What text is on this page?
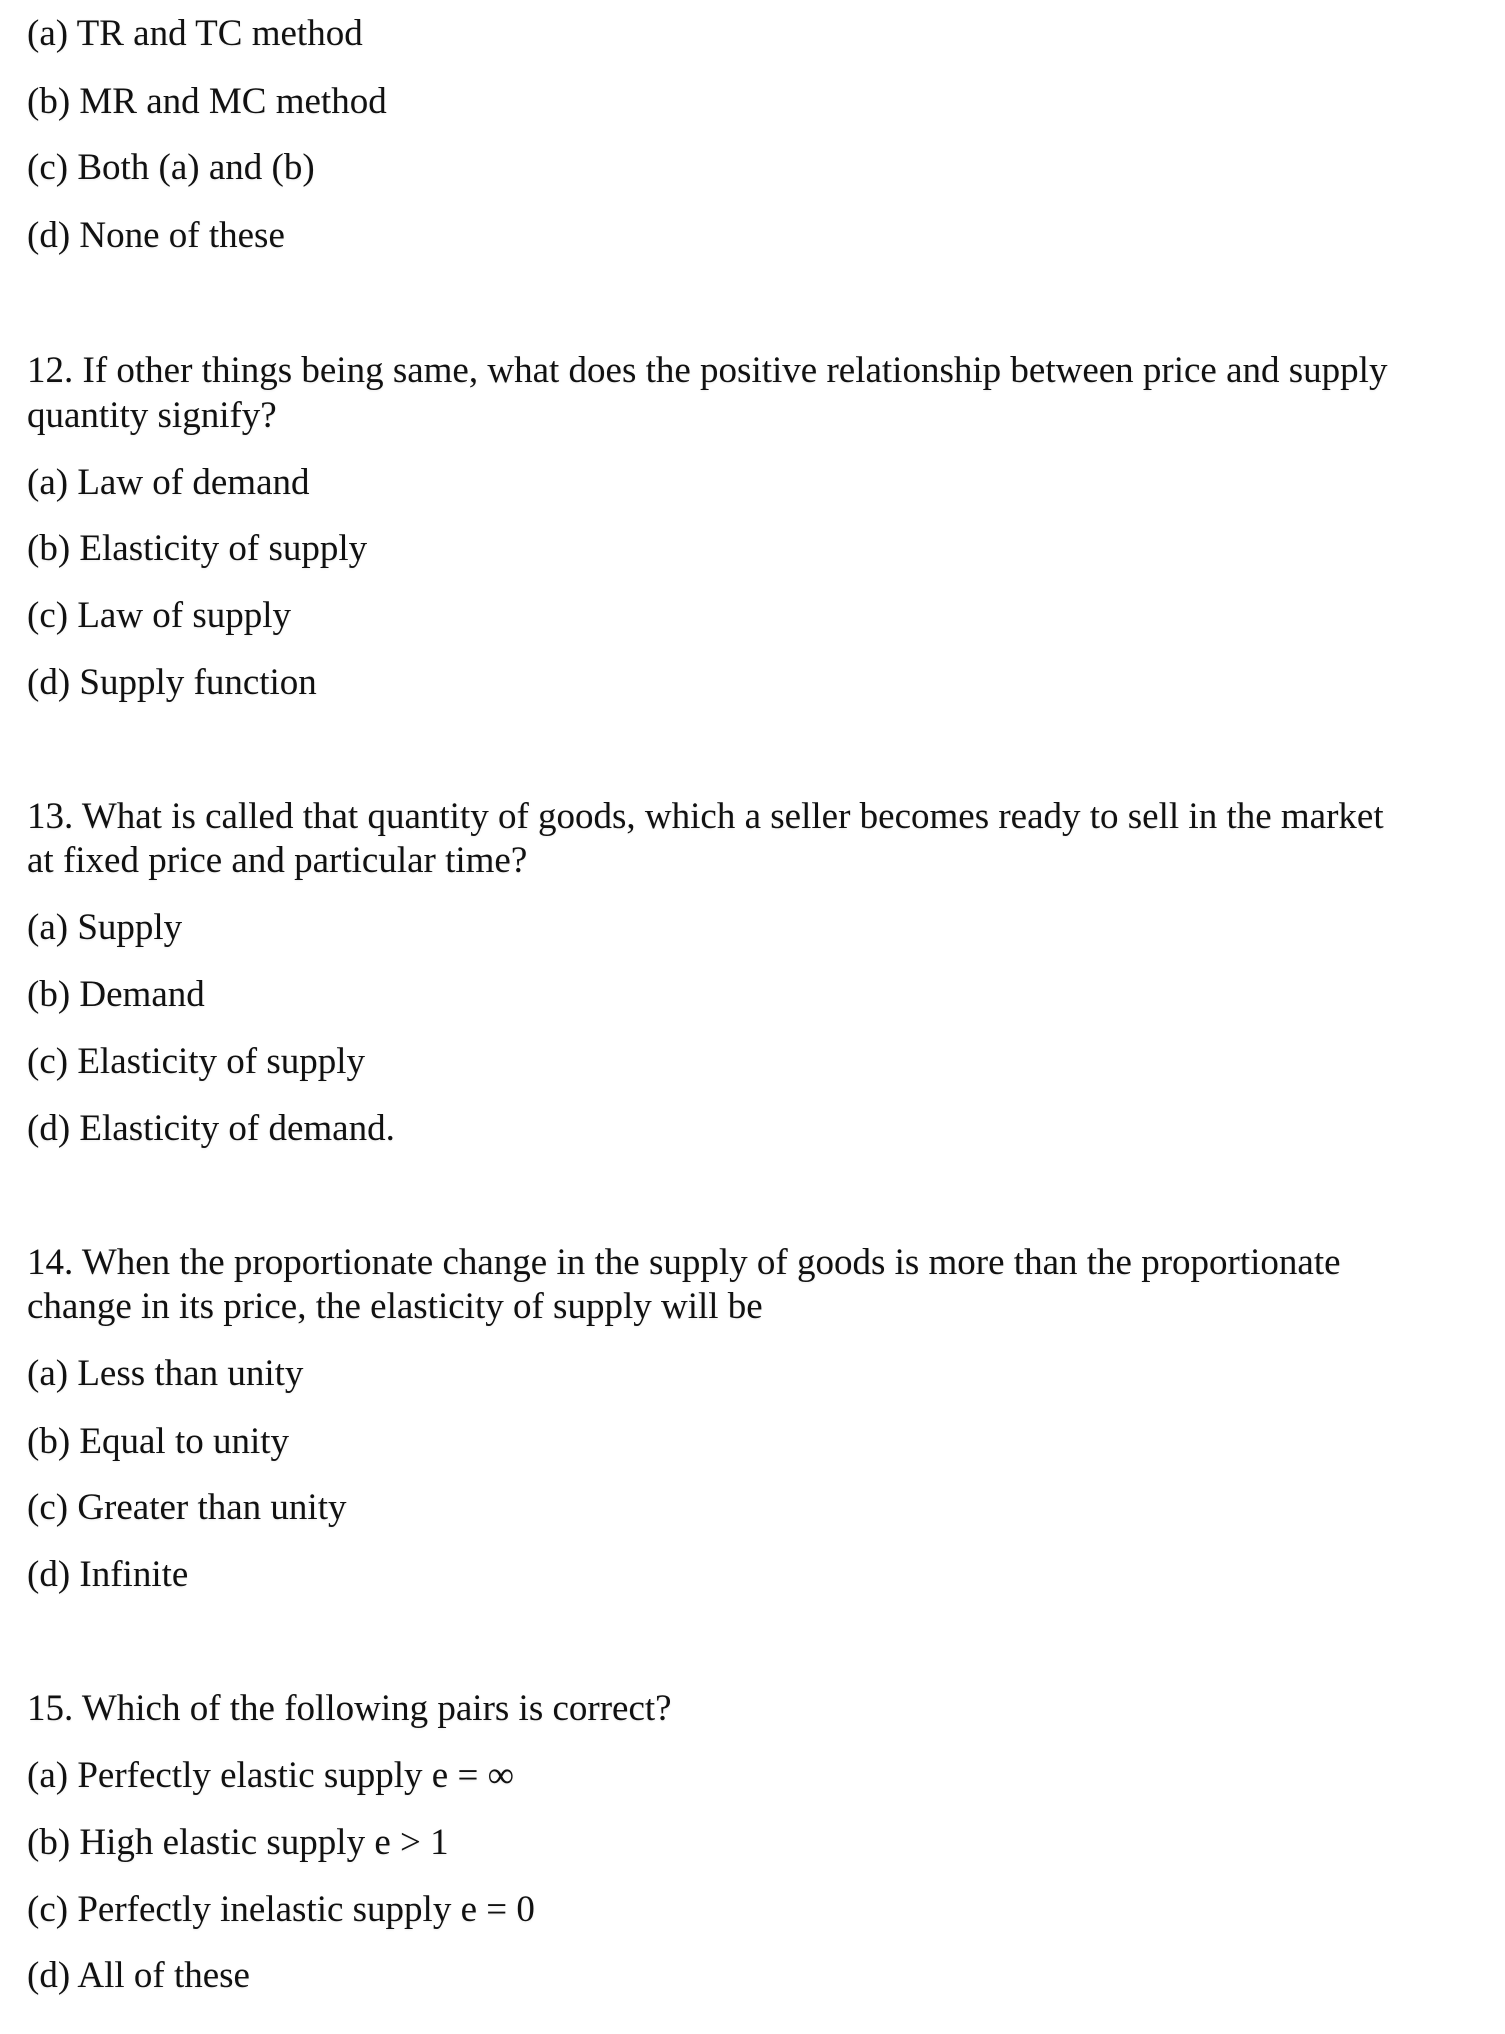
(a) TR and TC method
(b) MR and MC method
(c) Both (a) and (b)
(d) None of these
12. If other things being same, what does the positive relationship between price and supply
quantity signify?
(a) Law of demand
(b) Elasticity of supply
(c) Law of supply
(d) Supply function
13. What is called that quantity of goods, which a seller becomes ready to sell in the market
at fixed price and particular time?
(a) Supply
(b) Demand
(c) Elasticity of supply
(d) Elasticity of demand.
14. When the proportionate change in the supply of goods is more than the proportionate
change in its price, the elasticity of supply will be
(a) Less than unity
(b) Equal to unity
(c) Greater than unity
(d) Infinite
15. Which of the following pairs is correct?
(a) Perfectly elastic supply e = ∞
(b) High elastic supply e > 1
(c) Perfectly inelastic supply e = 0
(d) All of these
